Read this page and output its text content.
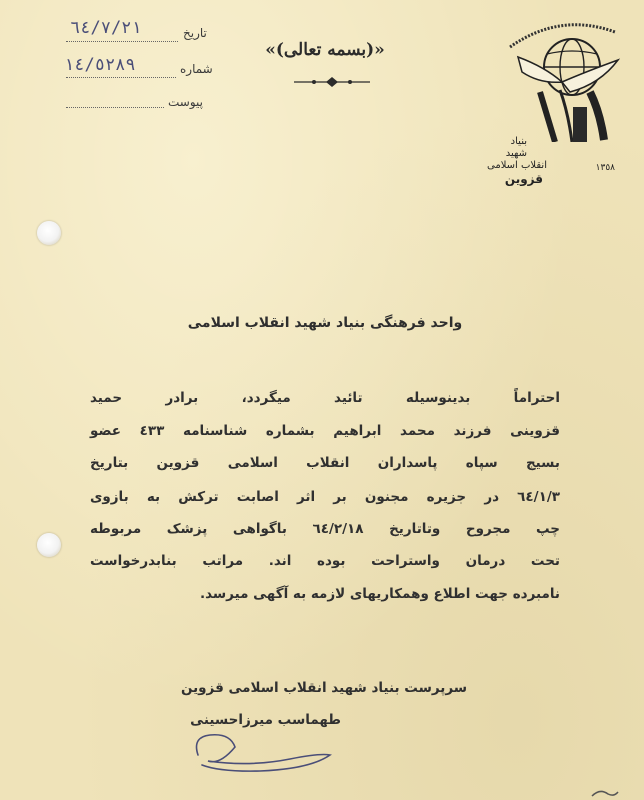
تاریخ
٦٤/٧/٢١
شماره
١٤/٥٢٨٩
پیوست
«(بسمه تعالی)»
بنیاد
شهید
انقلاب اسلامی	١٣٥٨
قزوین
واحد فرهنگی بنیاد شهید انقلاب اسلامی
احتراماً بدینوسیله تائید میگردد، برادر حمید
قزوینی فرزند محمد ابراهیم بشماره شناسنامه ٤٣٣ عضو
بسیج سپاه پاسداران انقلاب اسلامی قزوین بتاریخ
٦٤/١/٣ در جزیره مجنون بر اثر اصابت ترکش به بازوی
چپ مجروح وتاتاریخ ٦٤/٢/١٨ باگواهی پزشک مربوطه
تحت درمان واستراحت بوده اند. مراتب بنابدرخواست
نامبرده جهت اطلاع وهمکاریهای لازمه به آگهی میرسد.
سرپرست بنیاد شهید انقلاب اسلامی قزوین
طهماسب میرزاحسینی
